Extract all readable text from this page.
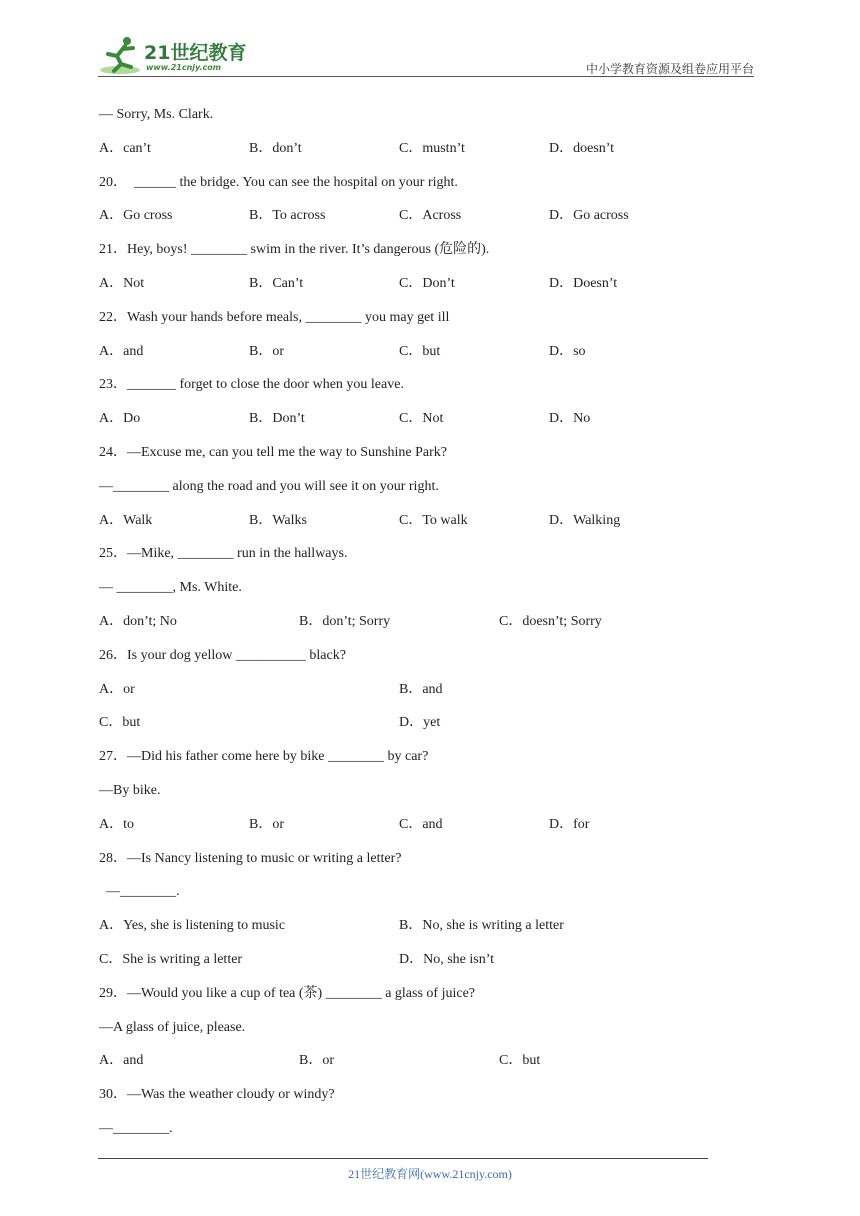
21世纪教育
www.21cnjy.com	中小学教育资源及组卷应用平台
— Sorry, Ms. Clark.
A．can’t	B．don’t	C．mustn’t	D．doesn’t
20．  ______ the bridge. You can see the hospital on your right.
A．Go cross	B．To across	C．Across	D．Go across
21．Hey, boys! ________ swim in the river. It’s dangerous (危险的).
A．Not	B．Can’t	C．Don’t	D．Doesn’t
22．Wash your hands before meals, ________ you may get ill
A．and	B．or	C．but	D．so
23．_______ forget to close the door when you leave.
A．Do	B．Don’t	C．Not	D．No
24．—Excuse me, can you tell me the way to Sunshine Park?
—________ along the road and you will see it on your right.
A．Walk	B．Walks	C．To walk	D．Walking
25．—Mike, ________ run in the hallways.
— ________, Ms. White.
A．don’t; No	B．don’t; Sorry	C．doesn’t; Sorry
26．Is your dog yellow __________ black?
A．or	B．and
C．but	D．yet
27．—Did his father come here by bike ________ by car?
—By bike.
A．to	B．or	C．and	D．for
28．—Is Nancy listening to music or writing a letter?
—________.
A．Yes, she is listening to music	B．No, she is writing a letter
C．She is writing a letter	D．No, she isn’t
29．—Would you like a cup of tea (茶) ________ a glass of juice?
—A glass of juice, please.
A．and	B．or	C．but
30．—Was the weather cloudy or windy?
—________.
21世纪教育网(www.21cnjy.com)
